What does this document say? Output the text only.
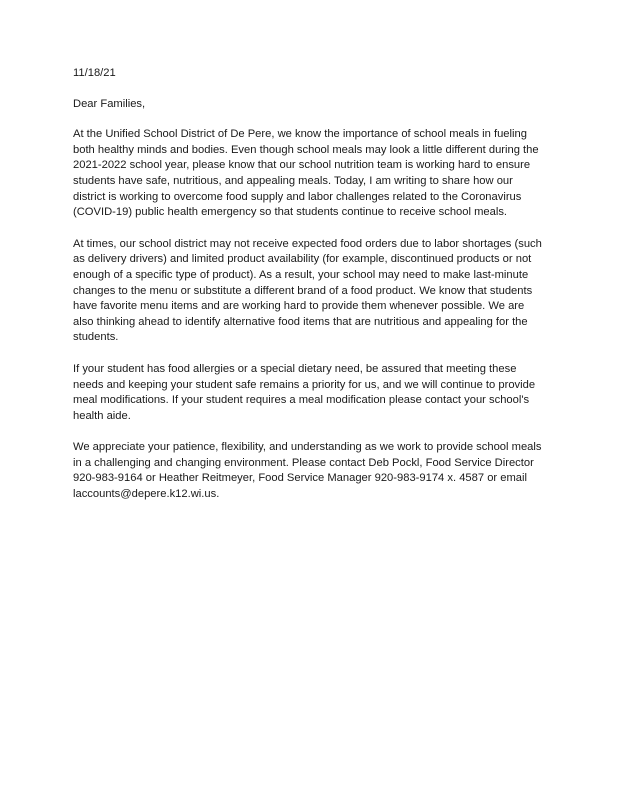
11/18/21

Dear Families,

At the Unified School District of De Pere, we know the importance of school meals in fueling both healthy minds and bodies. Even though school meals may look a little different during the 2021-2022 school year, please know that our school nutrition team is working hard to ensure students have safe, nutritious, and appealing meals. Today, I am writing to share how our district is working to overcome food supply and labor challenges related to the Coronavirus (COVID-19) public health emergency so that students continue to receive school meals.

At times, our school district may not receive expected food orders due to labor shortages (such as delivery drivers) and limited product availability (for example, discontinued products or not enough of a specific type of product). As a result, your school may need to make last-minute changes to the menu or substitute a different brand of a food product. We know that students have favorite menu items and are working hard to provide them whenever possible. We are also thinking ahead to identify alternative food items that are nutritious and appealing for the students.

If your student has food allergies or a special dietary need, be assured that meeting these needs and keeping your student safe remains a priority for us, and we will continue to provide meal modifications. If your student requires a meal modification please contact your school's health aide.

We appreciate your patience, flexibility, and understanding as we work to provide school meals in a challenging and changing environment. Please contact Deb Pockl, Food Service Director 920-983-9164 or Heather Reitmeyer, Food Service Manager 920-983-9174 x. 4587 or email laccounts@depere.k12.wi.us.
